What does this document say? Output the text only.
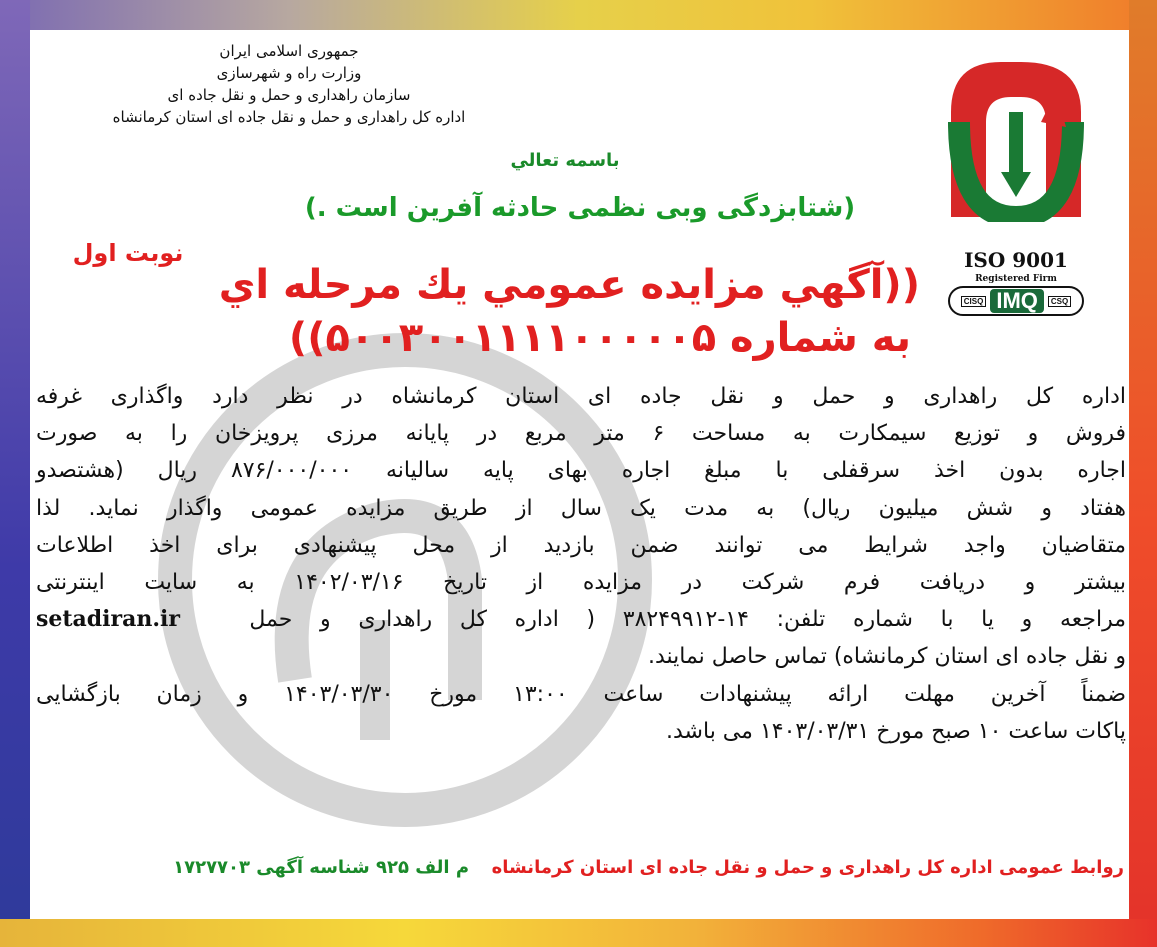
جمهوری اسلامی ایران
وزارت راه و شهرسازی
سازمان راهداری و حمل و نقل جاده ای
اداره کل راهداری و حمل و نقل جاده ای استان کرمانشاه
باسمه تعالي
(شتابزدگی وبی نظمی حادثه آفرین است .)
نوبت اول
((آگهي مزايده عمومي يك مرحله اي
به شماره ۵۰۰۳۰۰۱۱۱۱۰۰۰۰۰۵))
ISO 9001
Registered Firm
CISQ IMQ	CSQ
اداره کل راهداری و حمل و نقل جاده ای استان کرمانشاه در نظر دارد واگذاری غرفه
فروش و توزیع سیمکارت به مساحت ۶ متر مربع در پایانه مرزی پرویزخان را به صورت
اجاره بدون اخذ سرقفلی با مبلغ اجاره بهای پایه سالیانه ۸۷۶/۰۰۰/۰۰۰ ریال (هشتصدو
هفتاد و شش میلیون ریال) به مدت یک سال از طریق مزایده عمومی واگذار نماید. لذا
متقاضیان واجد شرایط می توانند ضمن بازدید از محل پیشنهادی برای اخذ اطلاعات
بیشتر و دریافت فرم شرکت در مزایده از تاریخ ۱۴۰۲/۰۳/۱۶ به سایت اینترنتی
مراجعه و یا با شماره تلفن: ۱۴-۳۸۲۴۹۹۱۲ ( اداره کل راهداری و حمل  setadiran.ir
و نقل جاده ای استان کرمانشاه) تماس حاصل نمایند.
ضمناً آخرین مهلت ارائه پیشنهادات ساعت ۱۳:۰۰ مورخ ۱۴۰۳/۰۳/۳۰ و زمان بازگشایی
پاکات ساعت ۱۰ صبح مورخ ۱۴۰۳/۰۳/۳۱ می باشد.
روابط عمومی اداره کل راهداری و حمل و نقل جاده ای استان کرمانشاه  م الف ۹۲۵ شناسه آگهی ۱۷۲۷۷۰۳
